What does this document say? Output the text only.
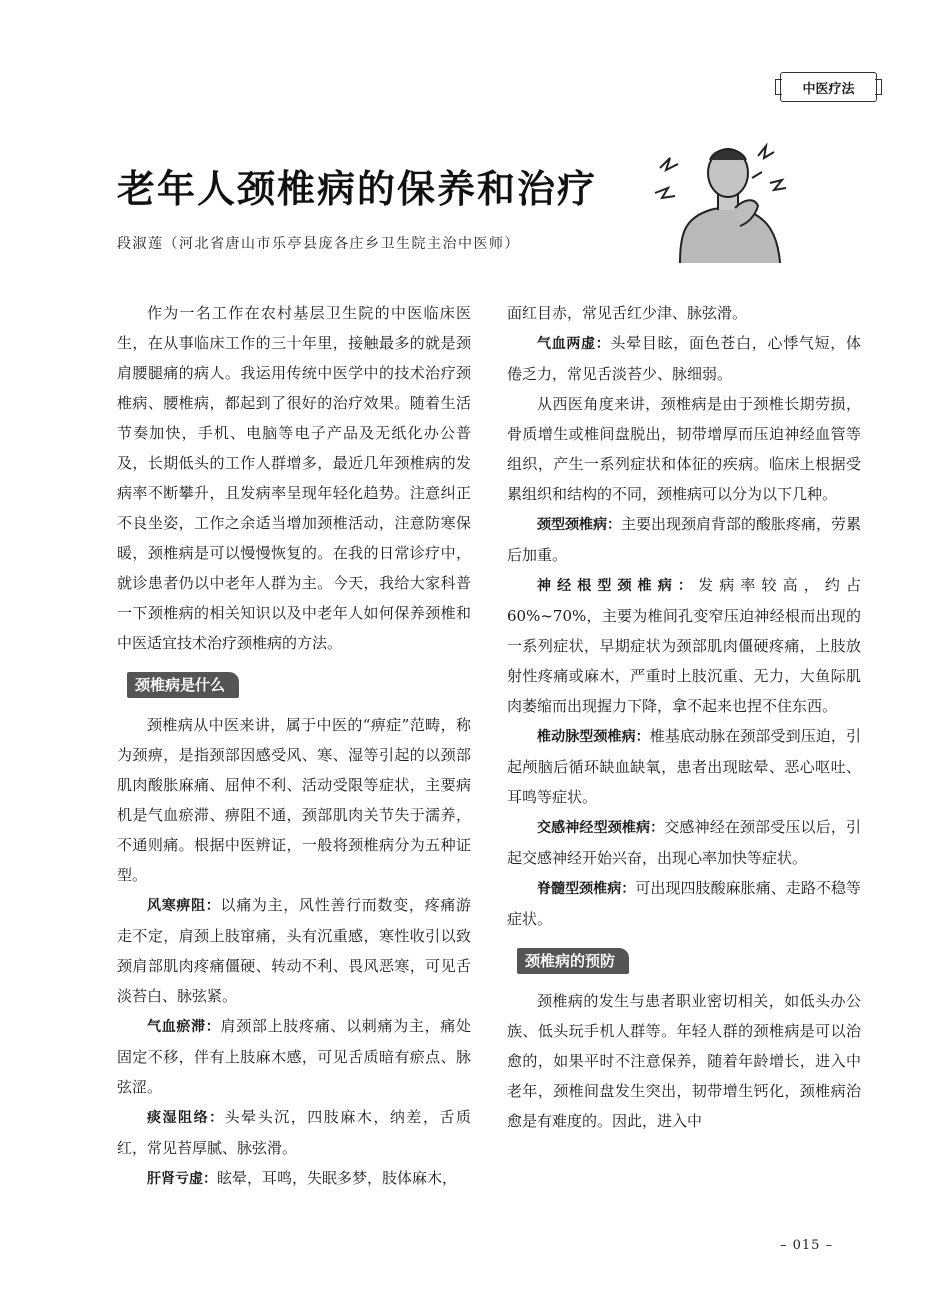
中医疗法
老年人颈椎病的保养和治疗
段淑莲（河北省唐山市乐亭县庞各庄乡卫生院主治中医师）

作为一名工作在农村基层卫生院的中医临床医生，在从事临床工作的三十年里，接触最多的就是颈肩腰腿痛的病人。我运用传统中医学中的技术治疗颈椎病、腰椎病，都起到了很好的治疗效果。随着生活节奏加快，手机、电脑等电子产品及无纸化办公普及，长期低头的工作人群增多，最近几年颈椎病的发病率不断攀升，且发病率呈现年轻化趋势。注意纠正不良坐姿，工作之余适当增加颈椎活动，注意防寒保暖，颈椎病是可以慢慢恢复的。在我的日常诊疗中，就诊患者仍以中老年人群为主。今天，我给大家科普一下颈椎病的相关知识以及中老年人如何保养颈椎和中医适宜技术治疗颈椎病的方法。

颈椎病是什么

颈椎病从中医来讲，属于中医的“痹症”范畴，称为颈痹，是指颈部因感受风、寒、湿等引起的以颈部肌肉酸胀麻痛、屈伸不利、活动受限等症状，主要病机是气血瘀滞、痹阻不通，颈部肌肉关节失于濡养，不通则痛。根据中医辨证，一般将颈椎病分为五种证型。

风寒痹阻：以痛为主，风性善行而数变，疼痛游走不定，肩颈上肢窜痛，头有沉重感，寒性收引以致颈肩部肌肉疼痛僵硬、转动不利、畏风恶寒，可见舌淡苔白、脉弦紧。

气血瘀滞：肩颈部上肢疼痛、以刺痛为主，痛处固定不移，伴有上肢麻木感，可见舌质暗有瘀点、脉弦涩。

痰湿阻络：头晕头沉，四肢麻木，纳差，舌质红，常见苔厚腻、脉弦滑。

肝肾亏虚：眩晕，耳鸣，失眠多梦，肢体麻木，

面红目赤，常见舌红少津、脉弦滑。

气血两虚：头晕目眩，面色苍白，心悸气短，体倦乏力，常见舌淡苔少、脉细弱。

从西医角度来讲，颈椎病是由于颈椎长期劳损，骨质增生或椎间盘脱出，韧带增厚而压迫神经血管等组织，产生一系列症状和体征的疾病。临床上根据受累组织和结构的不同，颈椎病可以分为以下几种。

颈型颈椎病：主要出现颈肩背部的酸胀疼痛，劳累后加重。

神经根型颈椎病：发病率较高，约占60%~70%，主要为椎间孔变窄压迫神经根而出现的一系列症状，早期症状为颈部肌肉僵硬疼痛，上肢放射性疼痛或麻木，严重时上肢沉重、无力，大鱼际肌肉萎缩而出现握力下降，拿不起来也捏不住东西。

椎动脉型颈椎病：椎基底动脉在颈部受到压迫，引起颅脑后循环缺血缺氧，患者出现眩晕、恶心呕吐、耳鸣等症状。

交感神经型颈椎病：交感神经在颈部受压以后，引起交感神经开始兴奋，出现心率加快等症状。

脊髓型颈椎病：可出现四肢酸麻胀痛、走路不稳等症状。

颈椎病的预防

颈椎病的发生与患者职业密切相关，如低头办公族、低头玩手机人群等。年轻人群的颈椎病是可以治愈的，如果平时不注意保养，随着年龄增长，进入中老年，颈椎间盘发生突出，韧带增生钙化，颈椎病治愈是有难度的。因此，进入中

– 015 –
